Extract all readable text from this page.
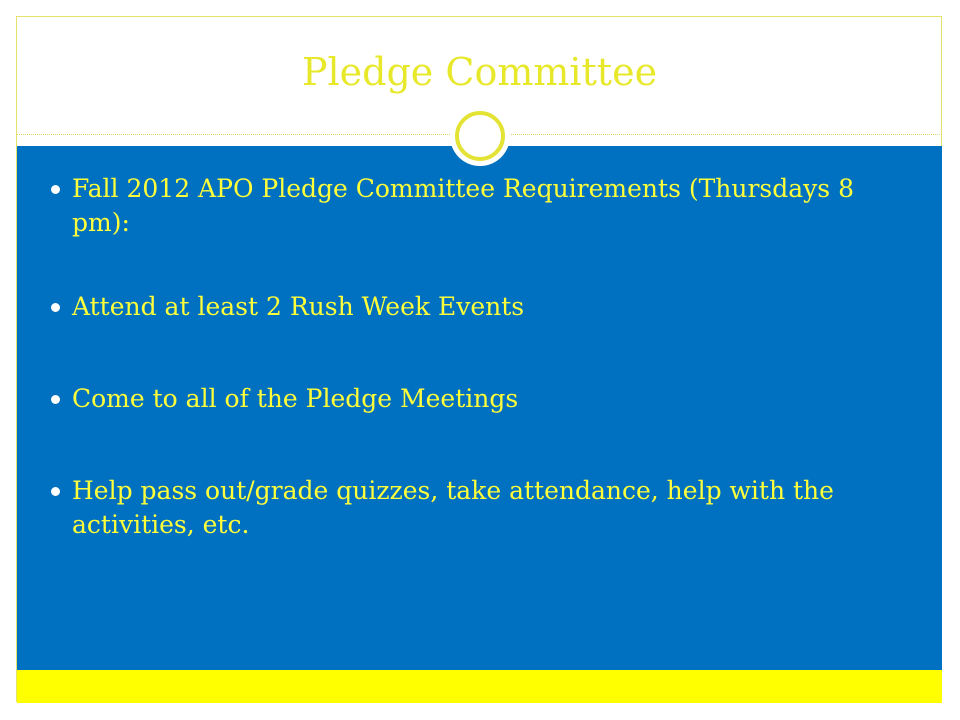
Pledge Committee
Fall 2012 APO Pledge Committee Requirements (Thursdays 8 pm):
Attend at least 2 Rush Week Events
Come to all of the Pledge Meetings
Help pass out/grade quizzes, take attendance, help with the activities, etc.
